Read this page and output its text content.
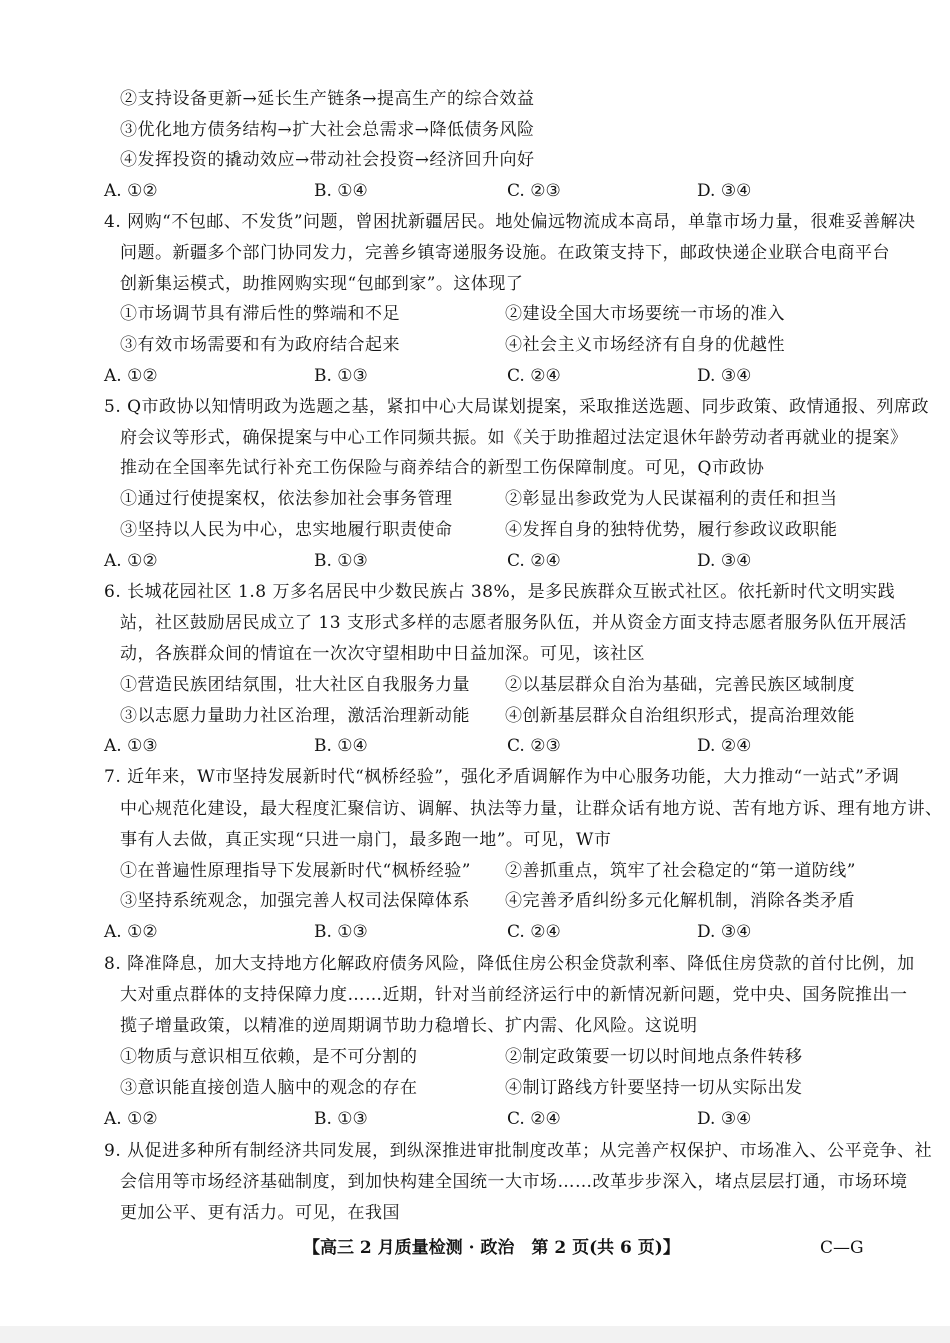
②支持设备更新→延长生产链条→提高生产的综合效益
③优化地方债务结构→扩大社会总需求→降低债务风险
④发挥投资的撬动效应→带动社会投资→经济回升向好
A. ①②	B. ①④	C. ②③	D. ③④
4. 网购“不包邮、不发货”问题，曾困扰新疆居民。地处偏远物流成本高昂，单靠市场力量，很难妥善解决
问题。新疆多个部门协同发力，完善乡镇寄递服务设施。在政策支持下，邮政快递企业联合电商平台
创新集运模式，助推网购实现“包邮到家”。这体现了
①市场调节具有滞后性的弊端和不足	②建设全国大市场要统一市场的准入
③有效市场需要和有为政府结合起来	④社会主义市场经济有自身的优越性
A. ①②	B. ①③	C. ②④	D. ③④
5. Q市政协以知情明政为选题之基，紧扣中心大局谋划提案，采取推送选题、同步政策、政情通报、列席政
府会议等形式，确保提案与中心工作同频共振。如《关于助推超过法定退休年龄劳动者再就业的提案》
推动在全国率先试行补充工伤保险与商养结合的新型工伤保障制度。可见，Q市政协
①通过行使提案权，依法参加社会事务管理	②彰显出参政党为人民谋福利的责任和担当
③坚持以人民为中心，忠实地履行职责使命	④发挥自身的独特优势，履行参政议政职能
A. ①②	B. ①③	C. ②④	D. ③④
6. 长城花园社区 1.8 万多名居民中少数民族占 38%，是多民族群众互嵌式社区。依托新时代文明实践
站，社区鼓励居民成立了 13 支形式多样的志愿者服务队伍，并从资金方面支持志愿者服务队伍开展活
动，各族群众间的情谊在一次次守望相助中日益加深。可见，该社区
①营造民族团结氛围，壮大社区自我服务力量 ②以基层群众自治为基础，完善民族区域制度
③以志愿力量助力社区治理，激活治理新动能 ④创新基层群众自治组织形式，提高治理效能
A. ①③	B. ①④	C. ②③	D. ②④
7. 近年来，W市坚持发展新时代“枫桥经验”，强化矛盾调解作为中心服务功能，大力推动“一站式”矛调
中心规范化建设，最大程度汇聚信访、调解、执法等力量，让群众话有地方说、苦有地方诉、理有地方讲、
事有人去做，真正实现“只进一扇门，最多跑一地”。可见，W市
①在普遍性原理指导下发展新时代“枫桥经验” ②善抓重点，筑牢了社会稳定的“第一道防线”
③坚持系统观念，加强完善人权司法保障体系 ④完善矛盾纠纷多元化解机制，消除各类矛盾
A. ①②	B. ①③	C. ②④	D. ③④
8. 降准降息，加大支持地方化解政府债务风险，降低住房公积金贷款利率、降低住房贷款的首付比例，加
大对重点群体的支持保障力度……近期，针对当前经济运行中的新情况新问题，党中央、国务院推出一
揽子增量政策，以精准的逆周期调节助力稳增长、扩内需、化风险。这说明
①物质与意识相互依赖，是不可分割的	②制定政策要一切以时间地点条件转移
③意识能直接创造人脑中的观念的存在	④制订路线方针要坚持一切从实际出发
A. ①②	B. ①③	C. ②④	D. ③④
9. 从促进多种所有制经济共同发展，到纵深推进审批制度改革；从完善产权保护、市场准入、公平竞争、社
会信用等市场经济基础制度，到加快构建全国统一大市场……改革步步深入，堵点层层打通，市场环境
更加公平、更有活力。可见，在我国
【高三 2 月质量检测 · 政治　第 2 页(共 6 页)】	C—G
